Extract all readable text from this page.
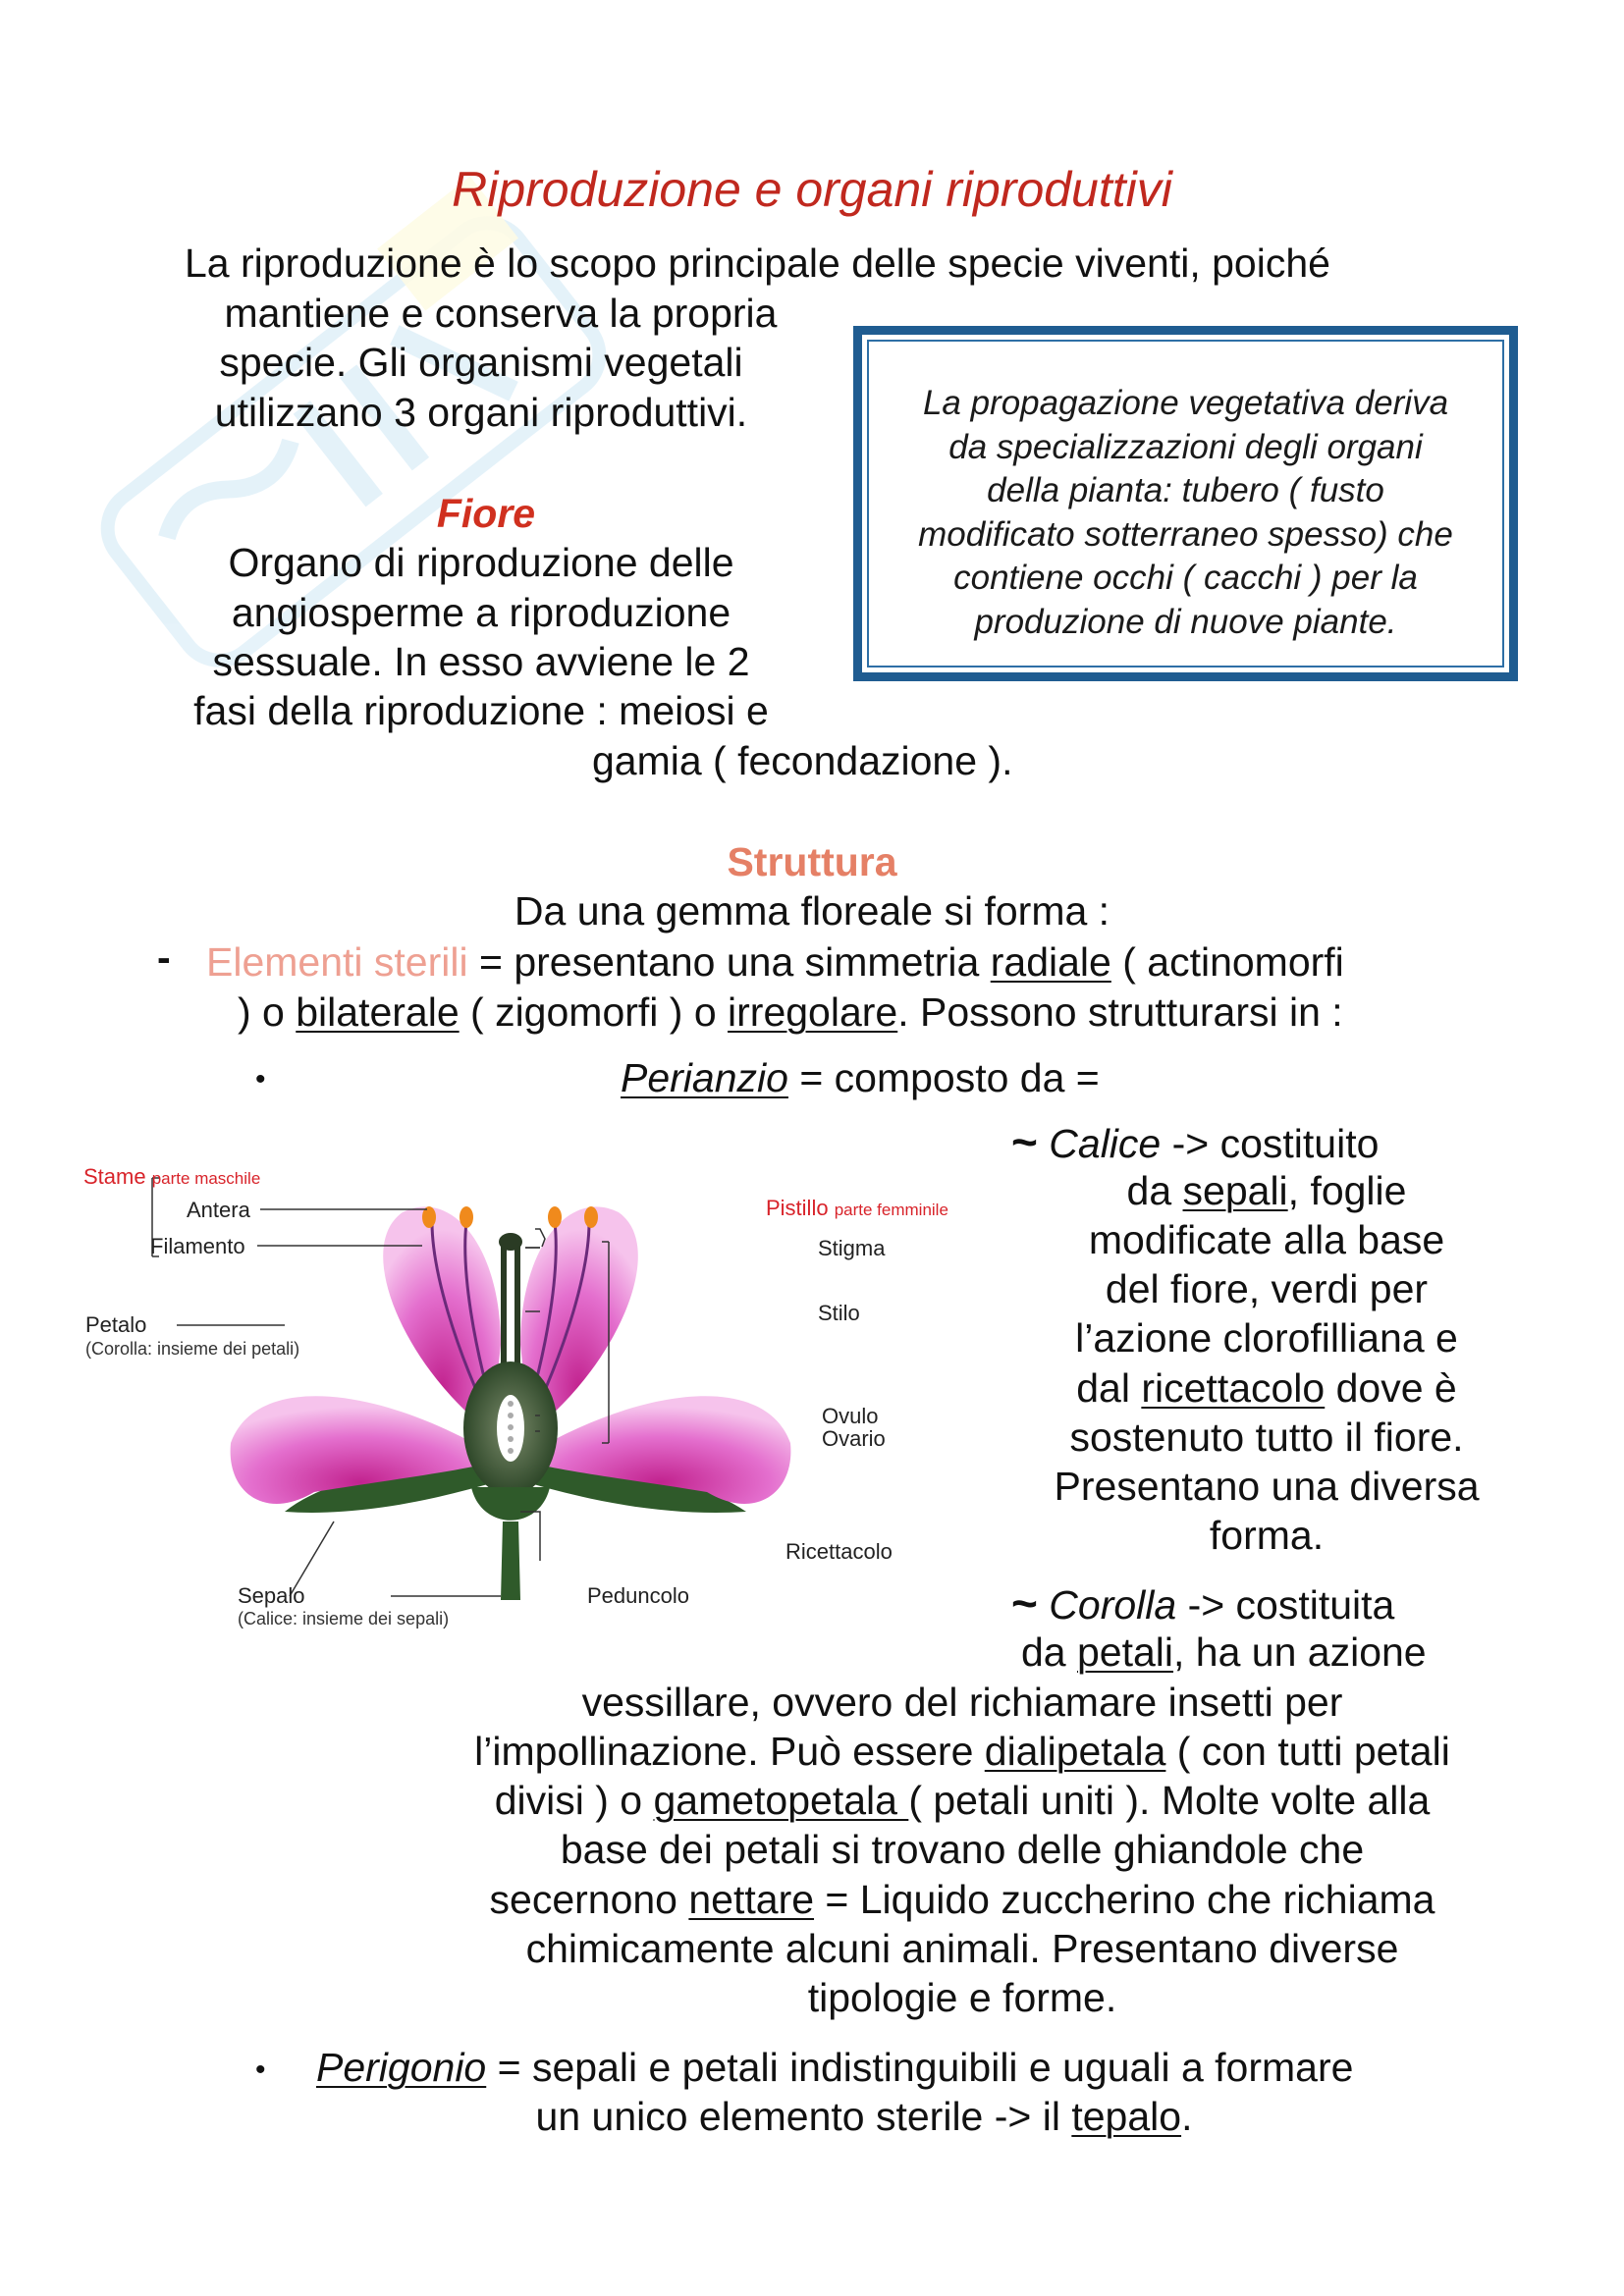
Riproduzione e organi riproduttivi
La riproduzione è lo scopo principale delle specie viventi, poiché
mantiene e conserva la propria
specie. Gli organismi vegetali
utilizzano 3 organi riproduttivi.	La propagazione vegetativa deriva
da specializzazioni degli organi
della pianta: tubero ( fusto
modificato sotterraneo spesso) che
contiene occhi ( cacchi ) per la
produzione di nuove piante.
Fiore
Organo di riproduzione delle
angiosperme a riproduzione
sessuale. In esso avviene le 2
fasi della riproduzione : meiosi e
gamia ( fecondazione ).
Struttura
Da una gemma floreale si forma :
- Elementi sterili = presentano una simmetria radiale ( actinomorfi
) o bilaterale ( zigomorfi ) o irregolare. Possono strutturarsi in :
•	Perianzio = composto da =
Stame parte maschile
Antera
Filamento
Petalo
(Corolla: insieme dei petali)
Sepalo
(Calice: insieme dei sepali)
Peduncolo
Pistillo parte femminile
Stigma
Stilo
Ovulo
Ovario
Ricettacolo
~ Calice -> costituito
da sepali, foglie
modificate alla base
del fiore, verdi per
l’azione clorofilliana e
dal ricettacolo dove è
sostenuto tutto il fiore.
Presentano una diversa
forma.
~ Corolla -> costituita
da petali, ha un azione
vessillare, ovvero del richiamare insetti per
l’impollinazione. Può essere dialipetala ( con tutti petali
divisi ) o gametopetala ( petali uniti ). Molte volte alla
base dei petali si trovano delle ghiandole che
secernono nettare = Liquido zuccherino che richiama
chimicamente alcuni animali. Presentano diverse
tipologie e forme.
• Perigonio = sepali e petali indistinguibili e uguali a formare
un unico elemento sterile -> il tepalo.
